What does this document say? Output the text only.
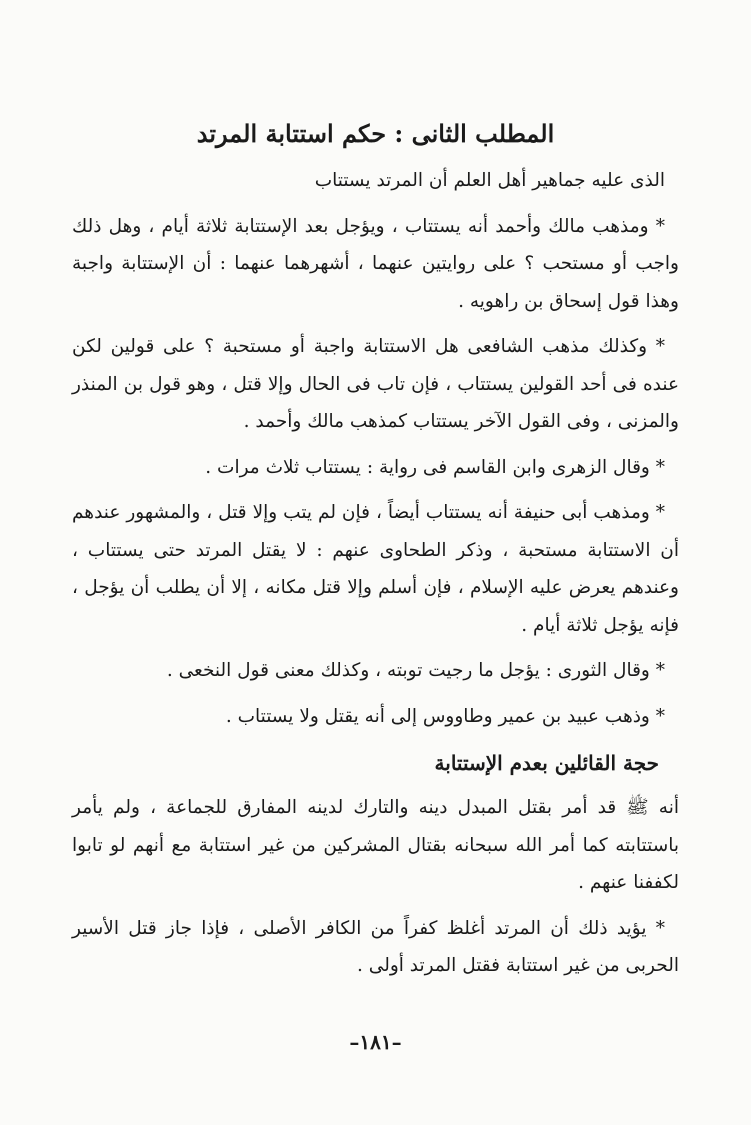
المطلب الثانى : حكم استتابة المرتد

الذى عليه جماهير أهل العلم أن المرتد يستتاب

* ومذهب مالك وأحمد أنه يستتاب ، ويؤجل بعد الإستتابة ثلاثة أيام ، وهل ذلك واجب أو مستحب ؟ على روايتين عنهما ، أشهرهما عنهما : أن الإستتابة واجبة وهذا قول إسحاق بن راهويه .

* وكذلك مذهب الشافعى هل الاستتابة واجبة أو مستحبة ؟ على قولين لكن عنده فى أحد القولين يستتاب ، فإن تاب فى الحال وإلا قتل ، وهو قول بن المنذر والمزنى ، وفى القول الآخر يستتاب كمذهب مالك وأحمد .

* وقال الزهرى وابن القاسم فى رواية : يستتاب ثلاث مرات .

* ومذهب أبى حنيفة أنه يستتاب أيضاً ، فإن لم يتب وإلا قتل ، والمشهور عندهم أن الاستتابة مستحبة ، وذكر الطحاوى عنهم : لا يقتل المرتد حتى يستتاب ، وعندهم يعرض عليه الإسلام ، فإن أسلم وإلا قتل مكانه ، إلا أن يطلب أن يؤجل ، فإنه يؤجل ثلاثة أيام .

* وقال الثورى : يؤجل ما رجيت توبته ، وكذلك معنى قول النخعى .

* وذهب عبيد بن عمير وطاووس إلى أنه يقتل ولا يستتاب .

حجة القائلين بعدم الإستتابة

أنه ﷺ قد أمر بقتل المبدل دينه والتارك لدينه المفارق للجماعة ، ولم يأمر باستتابته كما أمر الله سبحانه بقتال المشركين من غير استتابة مع أنهم لو تابوا لكففنا عنهم .

* يؤيد ذلك أن المرتد أغلظ كفراً من الكافر الأصلى ، فإذا جاز قتل الأسير الحربى من غير استتابة فقتل المرتد أولى .

–١٨١–
